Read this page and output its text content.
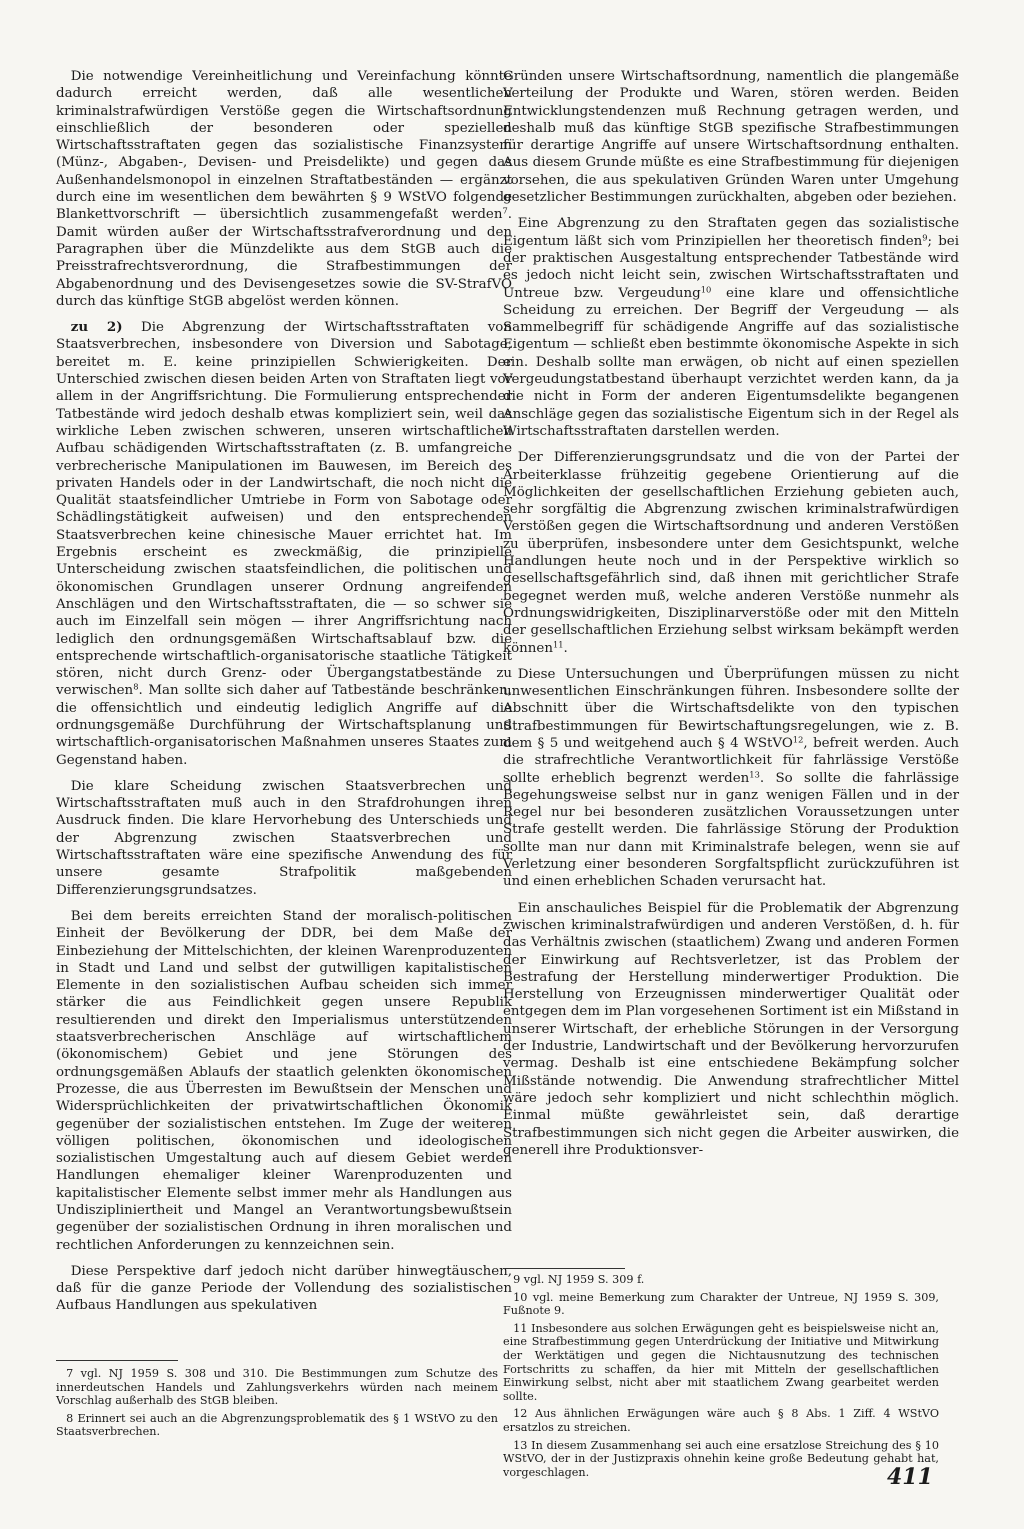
Die notwendige Vereinheitlichung und Vereinfachung könnte dadurch erreicht werden, daß alle wesentlichen kriminalstrafwürdigen Verstöße gegen die Wirtschaftsordnung einschließlich der besonderen oder speziellen Wirtschaftsstraftaten gegen das sozialistische Finanzsystem (Münz-, Abgaben-, Devisen- und Preisdelikte) und gegen das Außenhandelsmonopol in einzelnen Straftatbeständen — ergänzt durch eine im wesentlichen dem bewährten § 9 WStVO folgende Blankettvorschrift — übersichtlich zusammengefaßt werden$^7$. Damit würden außer der Wirtschaftsstrafverordnung und den Paragraphen über die Münzdelikte aus dem StGB auch die Preisstrafrechtsverordnung, die Strafbestimmungen der Abgabenordnung und des Devisengesetzes sowie die SV-StrafVO durch das künftige StGB abgelöst werden können.

zu 2) Die Abgrenzung der Wirtschaftsstraftaten von Staatsverbrechen, insbesondere von Diversion und Sabotage, bereitet m. E. keine prinzipiellen Schwierigkeiten. Der Unterschied zwischen diesen beiden Arten von Straftaten liegt vor allem in der Angriffsrichtung. Die Formulierung entsprechender Tatbestände wird jedoch deshalb etwas kompliziert sein, weil das wirkliche Leben zwischen schweren, unseren wirtschaftlichen Aufbau schädigenden Wirtschaftsstraftaten (z. B. umfangreiche verbrecherische Manipulationen im Bauwesen, im Bereich des privaten Handels oder in der Landwirtschaft, die noch nicht die Qualität staatsfeindlicher Umtriebe in Form von Sabotage oder Schädlingstätigkeit aufweisen) und den entsprechenden Staatsverbrechen keine chinesische Mauer errichtet hat. Im Ergebnis erscheint es zweckmäßig, die prinzipielle Unterscheidung zwischen staatsfeindlichen, die politischen und ökonomischen Grundlagen unserer Ordnung angreifenden Anschlägen und den Wirtschaftsstraftaten, die — so schwer sie auch im Einzelfall sein mögen — ihrer Angriffsrichtung nach lediglich den ordnungsgemäßen Wirtschaftsablauf bzw. die entsprechende wirtschaftlich-organisatorische staatliche Tätigkeit stören, nicht durch Grenz- oder Übergangstatbestände zu verwischen$^8$. Man sollte sich daher auf Tatbestände beschränken, die offensichtlich und eindeutig lediglich Angriffe auf die ordnungsgemäße Durchführung der Wirtschaftsplanung und wirtschaftlich-organisatorischen Maßnahmen unseres Staates zum Gegenstand haben.

Die klare Scheidung zwischen Staatsverbrechen und Wirtschaftsstraftaten muß auch in den Strafdrohungen ihren Ausdruck finden. Die klare Hervorhebung des Unterschieds und der Abgrenzung zwischen Staatsverbrechen und Wirtschaftsstraftaten wäre eine spezifische Anwendung des für unsere gesamte Strafpolitik maßgebenden Differenzierungsgrundsatzes.

Bei dem bereits erreichten Stand der moralisch-politischen Einheit der Bevölkerung der DDR, bei dem Maße der Einbeziehung der Mittelschichten, der kleinen Warenproduzenten in Stadt und Land und selbst der gutwilligen kapitalistischen Elemente in den sozialistischen Aufbau scheiden sich immer stärker die aus Feindlichkeit gegen unsere Republik resultierenden und direkt den Imperialismus unterstützenden staatsverbrecherischen Anschläge auf wirtschaftlichem (ökonomischem) Gebiet und jene Störungen des ordnungsgemäßen Ablaufs der staatlich gelenkten ökonomischen Prozesse, die aus Überresten im Bewußtsein der Menschen und Widersprüchlichkeiten der privatwirtschaftlichen Ökonomik gegenüber der sozialistischen entstehen. Im Zuge der weiteren völligen politischen, ökonomischen und ideologischen sozialistischen Umgestaltung auch auf diesem Gebiet werden Handlungen ehemaliger kleiner Warenproduzenten und kapitalistischer Elemente selbst immer mehr als Handlungen aus Undiszipliniertheit und Mangel an Verantwortungsbewußtsein gegenüber der sozialistischen Ordnung in ihren moralischen und rechtlichen Anforderungen zu kennzeichnen sein.

Diese Perspektive darf jedoch nicht darüber hinwegtäuschen, daß für die ganze Periode der Vollendung des sozialistischen Aufbaus Handlungen aus spekulativen

7 vgl. NJ 1959 S. 308 und 310. Die Bestimmungen zum Schutze des innerdeutschen Handels und Zahlungsverkehrs würden nach meinem Vorschlag außerhalb des StGB bleiben.

8 Erinnert sei auch an die Abgrenzungsproblematik des § 1 WStVO zu den Staatsverbrechen.

Gründen unsere Wirtschaftsordnung, namentlich die plangemäße Verteilung der Produkte und Waren, stören werden. Beiden Entwicklungstendenzen muß Rechnung getragen werden, und deshalb muß das künftige StGB spezifische Strafbestimmungen für derartige Angriffe auf unsere Wirtschaftsordnung enthalten. Aus diesem Grunde müßte es eine Strafbestimmung für diejenigen vorsehen, die aus spekulativen Gründen Waren unter Umgehung gesetzlicher Bestimmungen zurückhalten, abgeben oder beziehen.

Eine Abgrenzung zu den Straftaten gegen das sozialistische Eigentum läßt sich vom Prinzipiellen her theoretisch finden$^9$; bei der praktischen Ausgestaltung entsprechender Tatbestände wird es jedoch nicht leicht sein, zwischen Wirtschaftsstraftaten und Untreue bzw. Vergeudung$^{10}$ eine klare und offensichtliche Scheidung zu erreichen. Der Begriff der Vergeudung — als Sammelbegriff für schädigende Angriffe auf das sozialistische Eigentum — schließt eben bestimmte ökonomische Aspekte in sich ein. Deshalb sollte man erwägen, ob nicht auf einen speziellen Vergeudungstatbestand überhaupt verzichtet werden kann, da ja die nicht in Form der anderen Eigentumsdelikte begangenen Anschläge gegen das sozialistische Eigentum sich in der Regel als Wirtschaftsstraftaten darstellen werden.

Der Differenzierungsgrundsatz und die von der Partei der Arbeiterklasse frühzeitig gegebene Orientierung auf die Möglichkeiten der gesellschaftlichen Erziehung gebieten auch, sehr sorgfältig die Abgrenzung zwischen kriminalstrafwürdigen Verstößen gegen die Wirtschaftsordnung und anderen Verstößen zu überprüfen, insbesondere unter dem Gesichtspunkt, welche Handlungen heute noch und in der Perspektive wirklich so gesellschaftsgefährlich sind, daß ihnen mit gerichtlicher Strafe begegnet werden muß, welche anderen Verstöße nunmehr als Ordnungswidrigkeiten, Disziplinarverstöße oder mit den Mitteln der gesellschaftlichen Erziehung selbst wirksam bekämpft werden können$^{11}$.

Diese Untersuchungen und Überprüfungen müssen zu nicht unwesentlichen Einschränkungen führen. Insbesondere sollte der Abschnitt über die Wirtschaftsdelikte von den typischen Strafbestimmungen für Bewirtschaftungsregelungen, wie z. B. dem § 5 und weitgehend auch § 4 WStVO$^{12}$, befreit werden. Auch die strafrechtliche Verantwortlichkeit für fahrlässige Verstöße sollte erheblich begrenzt werden$^{13}$. So sollte die fahrlässige Begehungsweise selbst nur in ganz wenigen Fällen und in der Regel nur bei besonderen zusätzlichen Voraussetzungen unter Strafe gestellt werden. Die fahrlässige Störung der Produktion sollte man nur dann mit Kriminalstrafe belegen, wenn sie auf Verletzung einer besonderen Sorgfaltspflicht zurückzuführen ist und einen erheblichen Schaden verursacht hat.

Ein anschauliches Beispiel für die Problematik der Abgrenzung zwischen kriminalstrafwürdigen und anderen Verstößen, d. h. für das Verhältnis zwischen (staatlichem) Zwang und anderen Formen der Einwirkung auf Rechtsverletzer, ist das Problem der Bestrafung der Herstellung minderwertiger Produktion. Die Herstellung von Erzeugnissen minderwertiger Qualität oder entgegen dem im Plan vorgesehenen Sortiment ist ein Mißstand in unserer Wirtschaft, der erhebliche Störungen in der Versorgung der Industrie, Landwirtschaft und der Bevölkerung hervorzurufen vermag. Deshalb ist eine entschiedene Bekämpfung solcher Mißstände notwendig. Die Anwendung strafrechtlicher Mittel wäre jedoch sehr kompliziert und nicht schlechthin möglich. Einmal müßte gewährleistet sein, daß derartige Strafbestimmungen sich nicht gegen die Arbeiter auswirken, die generell ihre Produktionsver-

9 vgl. NJ 1959 S. 309 f.

10 vgl. meine Bemerkung zum Charakter der Untreue, NJ 1959 S. 309, Fußnote 9.

11 Insbesondere aus solchen Erwägungen geht es beispielsweise nicht an, eine Strafbestimmung gegen Unterdrückung der Initiative und Mitwirkung der Werktätigen und gegen die Nichtausnutzung des technischen Fortschritts zu schaffen, da hier mit Mitteln der gesellschaftlichen Einwirkung selbst, nicht aber mit staatlichem Zwang gearbeitet werden sollte.

12 Aus ähnlichen Erwägungen wäre auch § 8 Abs. 1 Ziff. 4 WStVO ersatzlos zu streichen.

13 In diesem Zusammenhang sei auch eine ersatzlose Streichung des § 10 WStVO, der in der Justizpraxis ohnehin keine große Bedeutung gehabt hat, vorgeschlagen.	411
